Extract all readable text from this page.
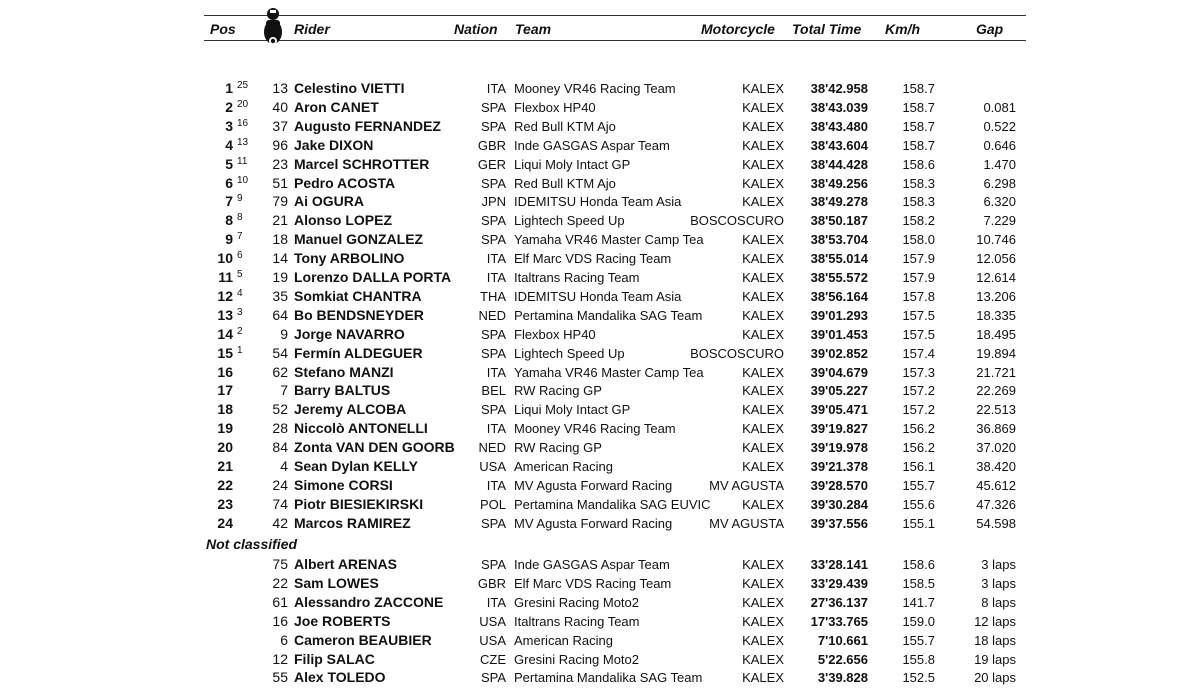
Pos	Rider	Nation Team	Motorcycle Total Time Km/h	Gap
1 25	13 Celestino VIETTI	ITA Mooney VR46 Racing Team	KALEX	38'42.958	158.7
2 20	40 Aron CANET	SPA Flexbox HP40	KALEX	38'43.039	158.7	0.081
3 16	37 Augusto FERNANDEZ	SPA Red Bull KTM Ajo	KALEX	38'43.480	158.7	0.522
4 13	96 Jake DIXON	GBR Inde GASGAS Aspar Team	KALEX	38'43.604	158.7	0.646
5 11	23 Marcel SCHROTTER	GER Liqui Moly Intact GP	KALEX	38'44.428	158.6	1.470
6 10	51 Pedro ACOSTA	SPA Red Bull KTM Ajo	KALEX	38'49.256	158.3	6.298
7 9	79 Ai OGURA	JPN IDEMITSU Honda Team Asia	KALEX	38'49.278	158.3	6.320
8 8	21 Alonso LOPEZ	SPA Lightech Speed Up	BOSCOSCURO	38'50.187	158.2	7.229
9 7	18 Manuel GONZALEZ	SPA Yamaha VR46 Master Camp Tea	KALEX	38'53.704	158.0	10.746
10 6	14 Tony ARBOLINO	ITA Elf Marc VDS Racing Team	KALEX	38'55.014	157.9	12.056
11 5	19 Lorenzo DALLA PORTA	ITA Italtrans Racing Team	KALEX	38'55.572	157.9	12.614
12 4	35 Somkiat CHANTRA	THA IDEMITSU Honda Team Asia	KALEX	38'56.164	157.8	13.206
13 3	64 Bo BENDSNEYDER	NED Pertamina Mandalika SAG Team	KALEX	39'01.293	157.5	18.335
14 2	9 Jorge NAVARRO	SPA Flexbox HP40	KALEX	39'01.453	157.5	18.495
15 1	54 Fermín ALDEGUER	SPA Lightech Speed Up	BOSCOSCURO	39'02.852	157.4	19.894
16	62 Stefano MANZI	ITA Yamaha VR46 Master Camp Tea	KALEX	39'04.679	157.3	21.721
17	7 Barry BALTUS	BEL RW Racing GP	KALEX	39'05.227	157.2	22.269
18	52 Jeremy ALCOBA	SPA Liqui Moly Intact GP	KALEX	39'05.471	157.2	22.513
19	28 Niccolò ANTONELLI	ITA Mooney VR46 Racing Team	KALEX	39'19.827	156.2	36.869
20	84 Zonta VAN DEN GOORB NED RW Racing GP	KALEX	39'19.978	156.2	37.020
21	4 Sean Dylan KELLY	USA American Racing	KALEX	39'21.378	156.1	38.420
22	24 Simone CORSI	ITA MV Agusta Forward Racing	MV AGUSTA	39'28.570	155.7	45.612
23	74 Piotr BIESIEKIRSKI	POL Pertamina Mandalika SAG EUVIC	KALEX	39'30.284	155.6	47.326
24	42 Marcos RAMIREZ	SPA MV Agusta Forward Racing	MV AGUSTA	39'37.556	155.1	54.598
Not classified
75 Albert ARENAS	SPA Inde GASGAS Aspar Team	KALEX	33'28.141	158.6	3 laps
22 Sam LOWES	GBR Elf Marc VDS Racing Team	KALEX	33'29.439	158.5	3 laps
61 Alessandro ZACCONE	ITA Gresini Racing Moto2	KALEX	27'36.137	141.7	8 laps
16 Joe ROBERTS	USA Italtrans Racing Team	KALEX	17'33.765	159.0	12 laps
6 Cameron BEAUBIER	USA American Racing	KALEX	7'10.661	155.7	18 laps
12 Filip SALAC	CZE Gresini Racing Moto2	KALEX	5'22.656	155.8	19 laps
55 Alex TOLEDO	SPA Pertamina Mandalika SAG Team	KALEX	3'39.828	152.5	20 laps
